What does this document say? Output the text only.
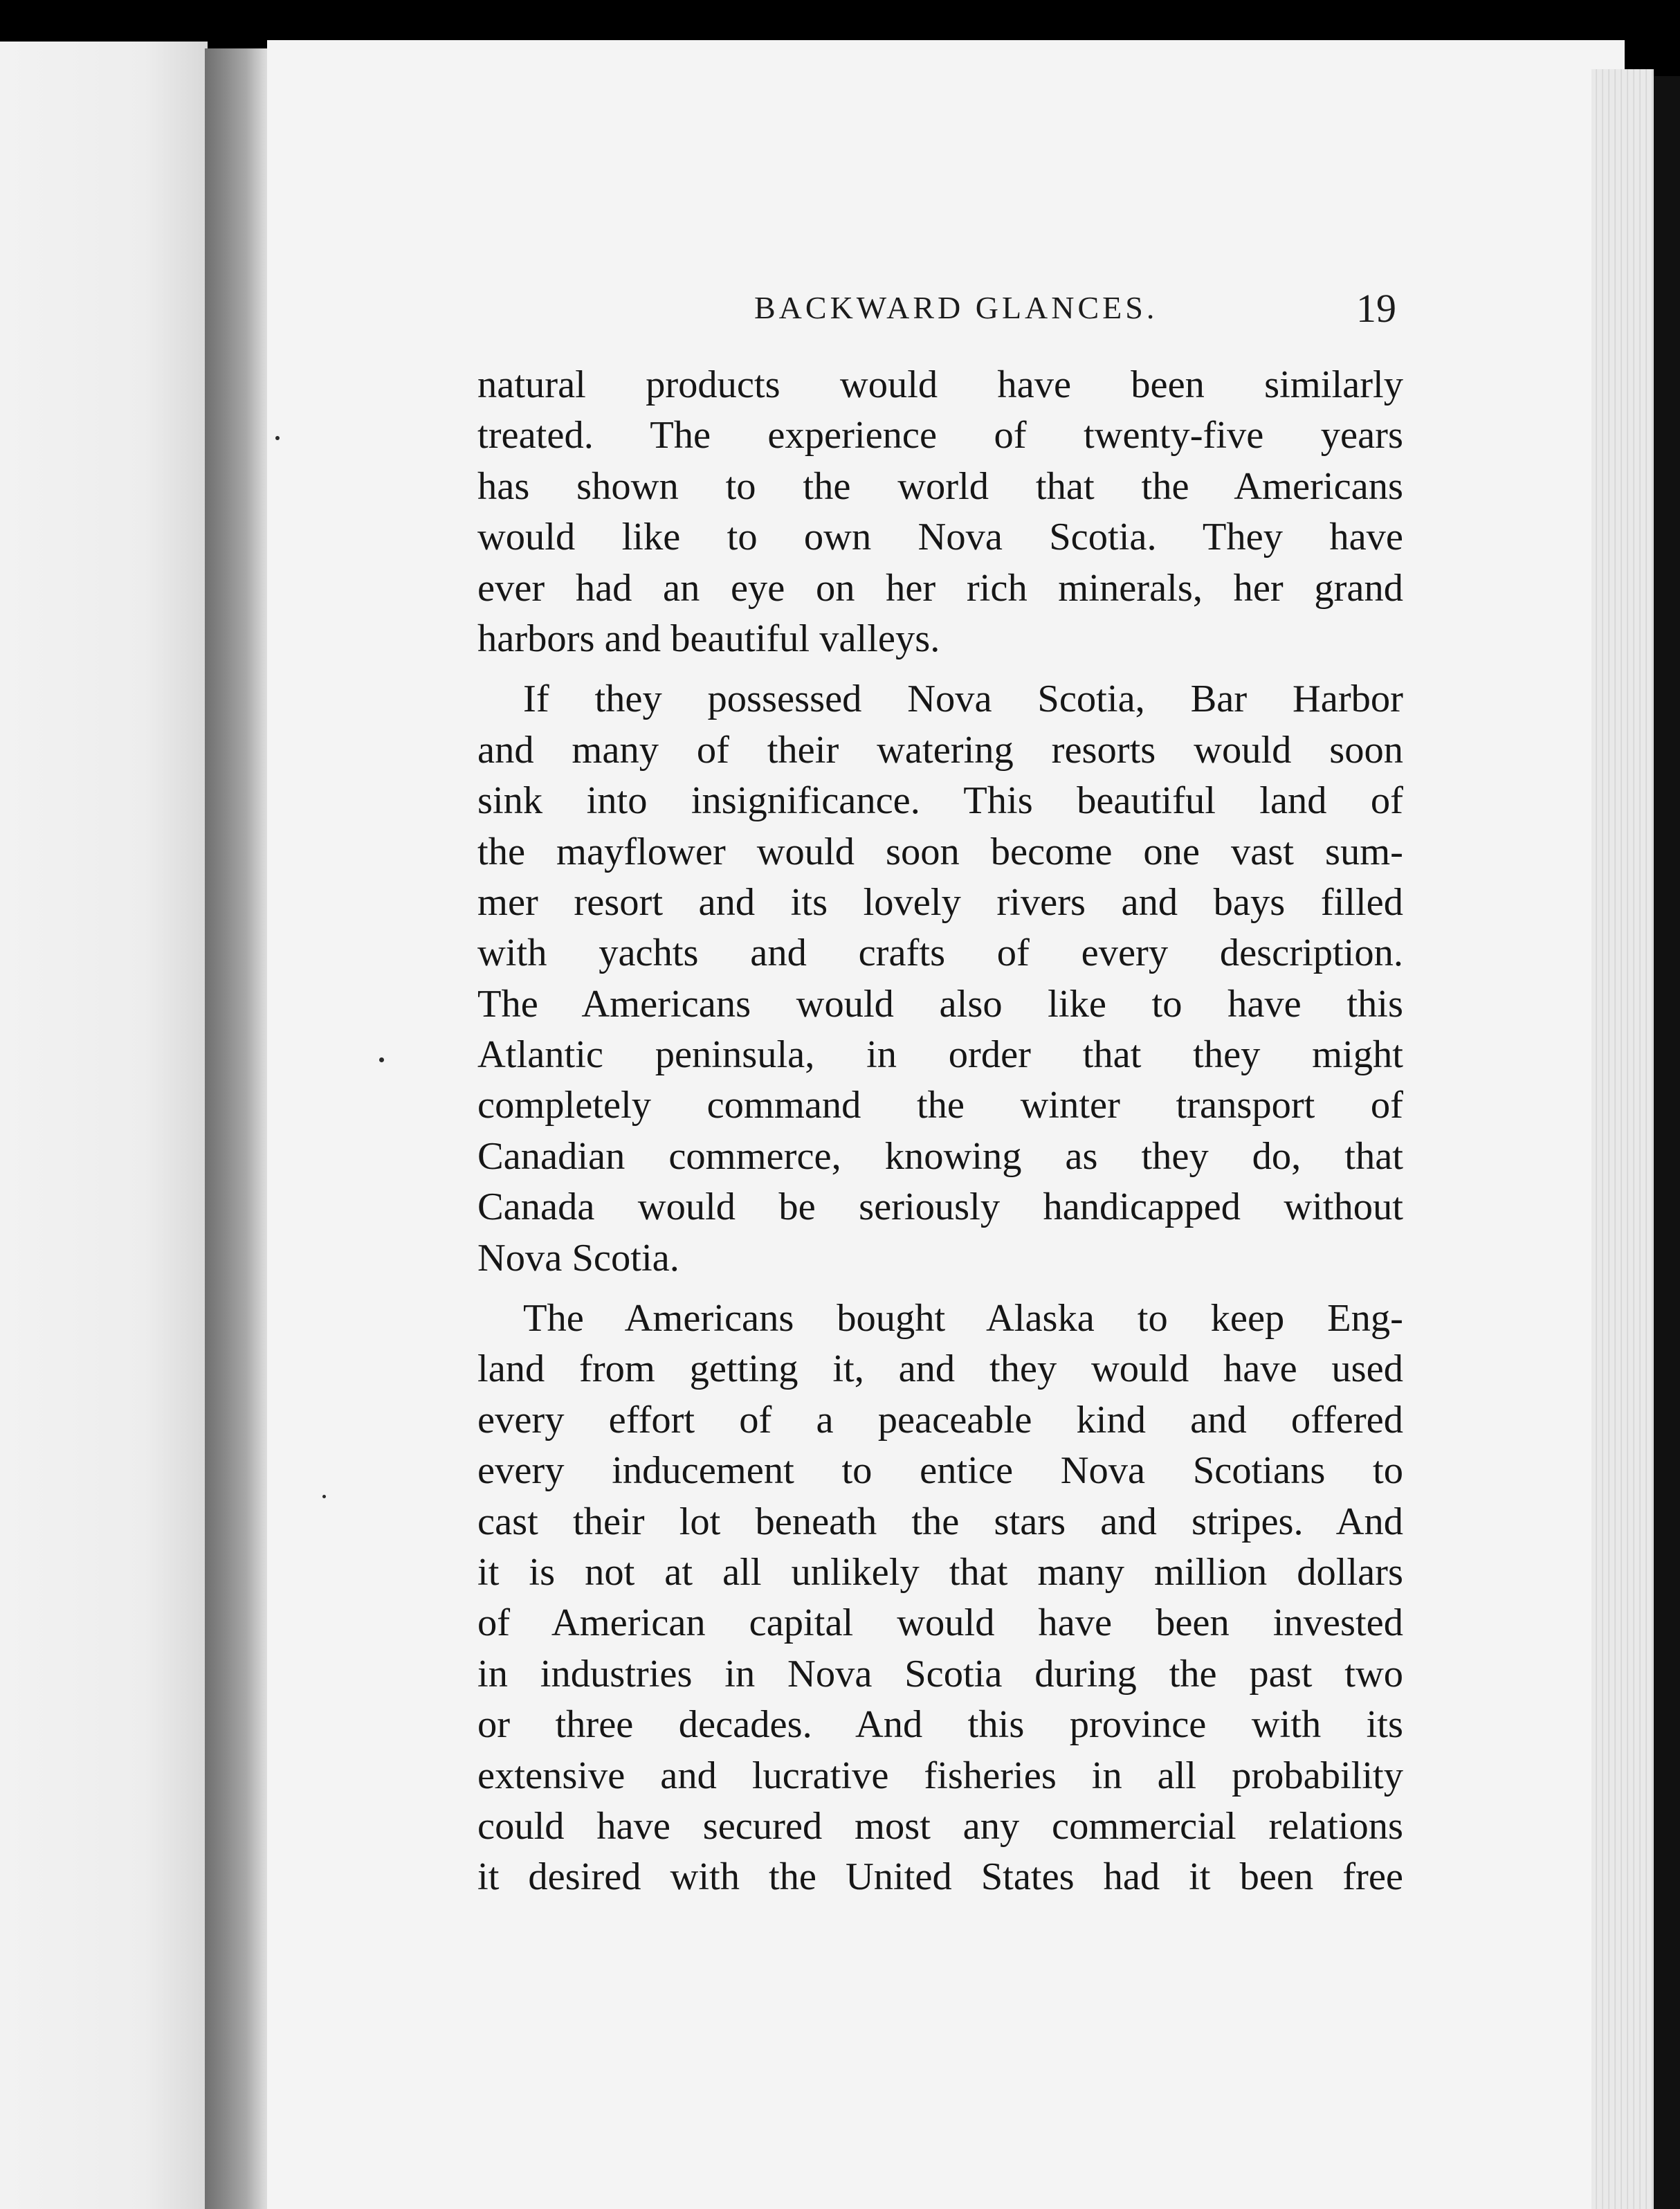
BACKWARD GLANCES.	19
natural products would have been similarly
treated. The experience of twenty-five years
has shown to the world that the Americans
would like to own Nova Scotia. They have
ever had an eye on her rich minerals, her grand
harbors and beautiful valleys.
If they possessed Nova Scotia, Bar Harbor
and many of their watering resorts would soon
sink into insignificance. This beautiful land of
the mayflower would soon become one vast sum-
mer resort and its lovely rivers and bays filled
with yachts and crafts of every description.
The Americans would also like to have this
Atlantic peninsula, in order that they might
completely command the winter transport of
Canadian commerce, knowing as they do, that
Canada would be seriously handicapped without
Nova Scotia.
The Americans bought Alaska to keep Eng-
land from getting it, and they would have used
every effort of a peaceable kind and offered
every inducement to entice Nova Scotians to
cast their lot beneath the stars and stripes. And
it is not at all unlikely that many million dollars
of American capital would have been invested
in industries in Nova Scotia during the past two
or three decades. And this province with its
extensive and lucrative fisheries in all probability
could have secured most any commercial relations
it desired with the United States had it been free
